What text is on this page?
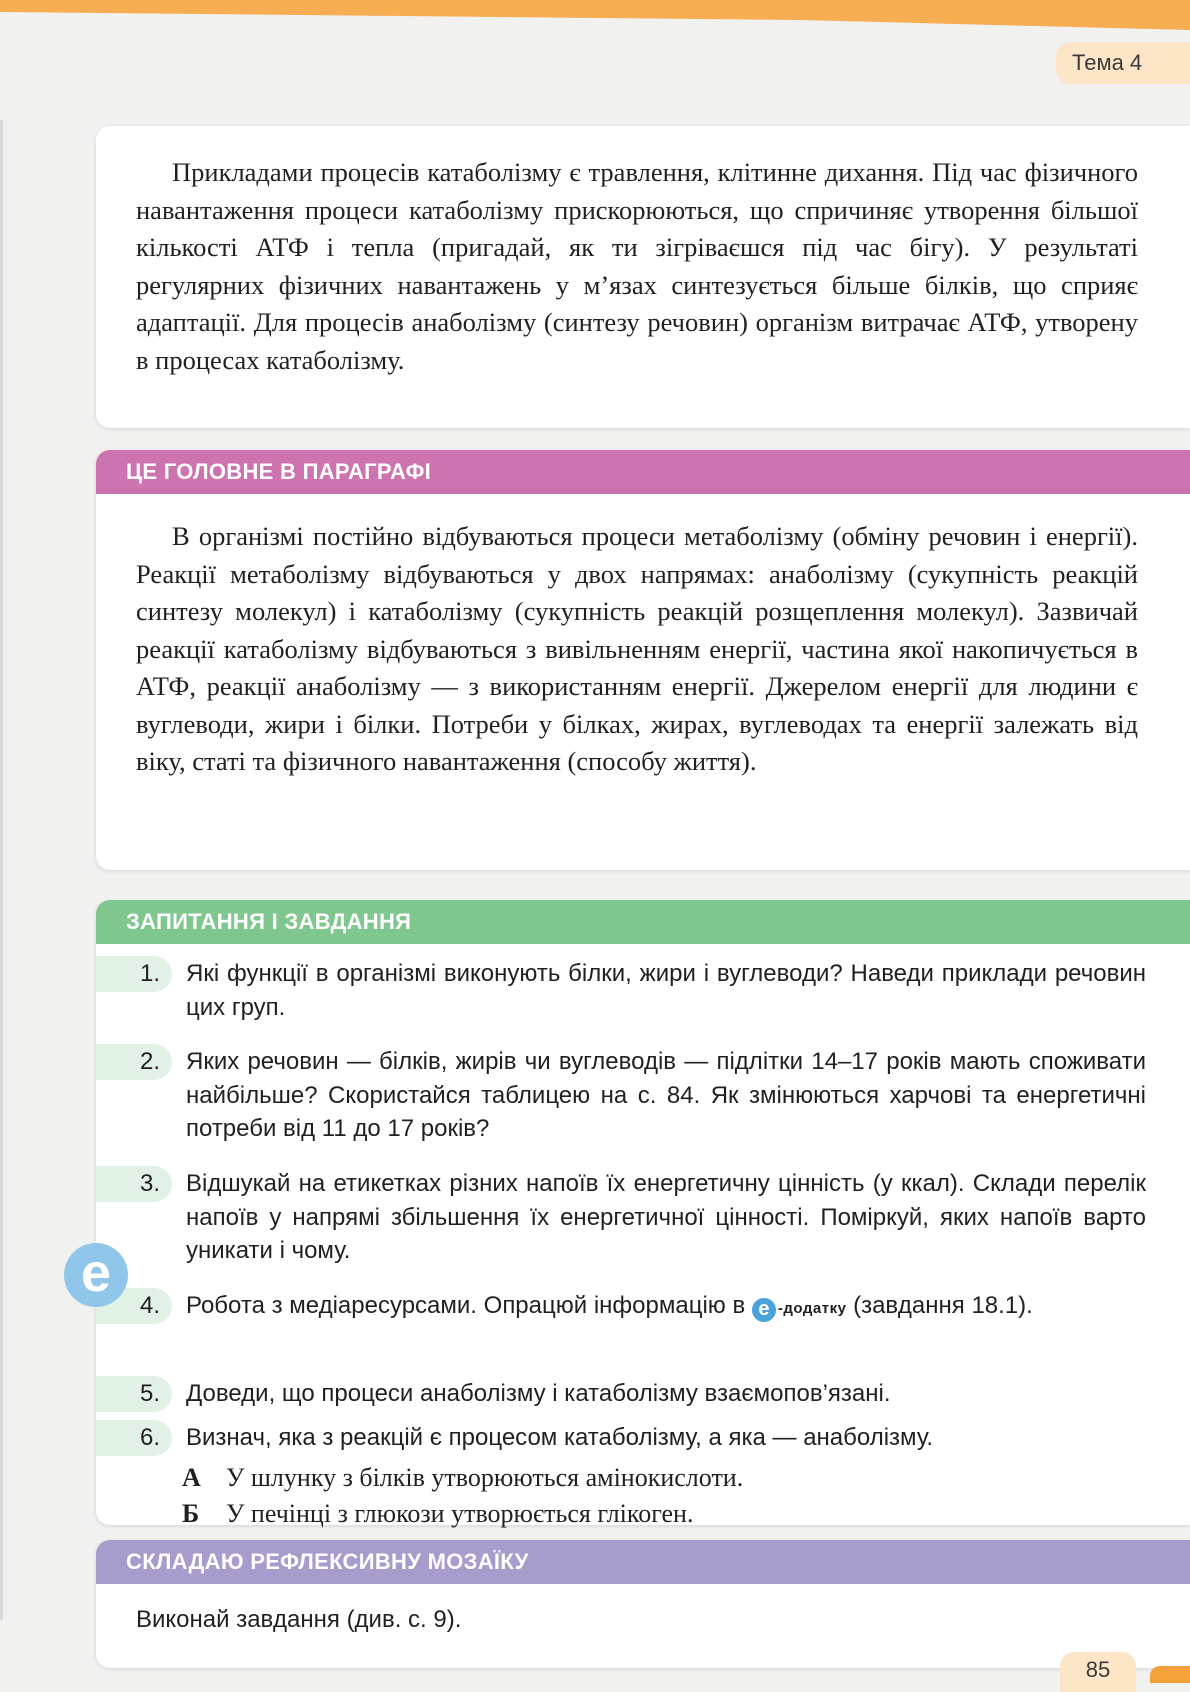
Тема 4

Прикладами процесів катаболізму є травлення, клітинне дихання. Під час фізичного навантаження процеси катаболізму прискорюються, що спричиняє утворення більшої кількості АТФ і тепла (пригадай, як ти зігріваєшся під час бігу). У результаті регулярних фізичних навантажень у м’язах синтезується більше білків, що сприяє адаптації. Для процесів анаболізму (синтезу речовин) організм витрачає АТФ, утворену в процесах катаболізму.

ЦЕ ГОЛОВНЕ В ПАРАГРАФІ

В організмі постійно відбуваються процеси метаболізму (обміну речовин і енергії). Реакції метаболізму відбуваються у двох напрямах: анаболізму (сукупність реакцій синтезу молекул) і катаболізму (сукупність реакцій розщеплення молекул). Зазвичай реакції катаболізму відбуваються з вивільненням енергії, частина якої накопичується в АТФ, реакції анаболізму — з використанням енергії. Джерелом енергії для людини є вуглеводи, жири і білки. Потреби у білках, жирах, вуглеводах та енергії залежать від віку, статі та фізичного навантаження (способу життя).

ЗАПИТАННЯ І ЗАВДАННЯ
1.	Які функції в організмі виконують білки, жири і вуглеводи? Наведи приклади речовин цих груп.
2.	Яких речовин — білків, жирів чи вуглеводів — підлітки 14–17 років мають споживати найбільше? Скористайся таблицею на с. 84. Як змінюються харчові та енергетичні потреби від 11 до 17 років?
3.	Відшукай на етикетках різних напоїв їх енергетичну цінність (у ккал). Склади перелік напоїв у напрямі збільшення їх енергетичної цінності. Поміркуй, яких напоїв варто уникати і чому.
4.	Робота з медіаресурсами. Опрацюй інформацію в е -додатку (завдання 18.1).
5.	Доведи, що процеси анаболізму і катаболізму взаємопов’язані.
6.	Визнач, яка з реакцій є процесом катаболізму, а яка — анаболізму.
А У шлунку з білків утворюються амінокислоти.
Б У печінці з глюкози утворюється глікоген.
е
СКЛАДАЮ РЕФЛЕКСИВНУ МОЗАЇКУ
Виконай завдання (див. с. 9).
85
